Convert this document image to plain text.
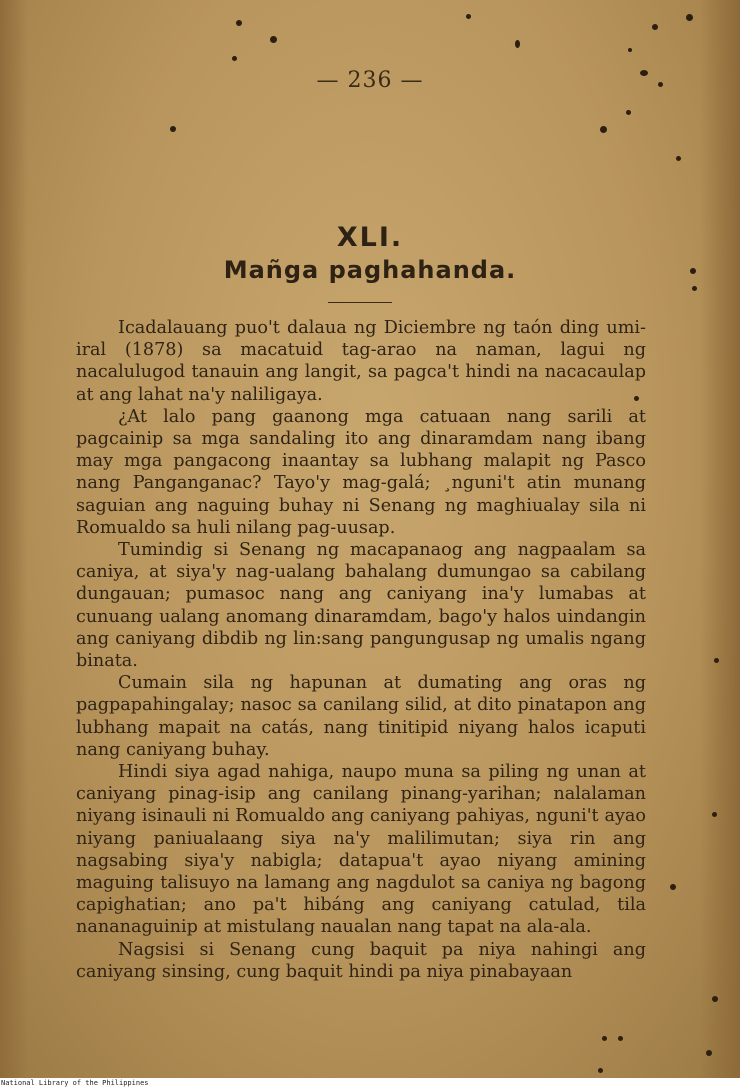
— 236 —
XLI.
Mañga paghahanda.

Icadalauang puo't dalaua ng Diciembre ng taón ding umi-iral (1878) sa macatuid tag-arao na naman, lagui ng nacalulugod tanauin ang langit, sa pagca't hindi na nacacaulap at ang lahat na'y naliligaya.

¿At lalo pang gaanong mga catuaan nang sarili at pagcainip sa mga sandaling ito ang dinaramdam nang ibang may mga pangacong inaantay sa lubhang malapit ng Pasco nang Panganganac? Tayo'y mag-galá; ¸nguni't atin munang saguian ang naguing buhay ni Senang ng maghiualay sila ni Romualdo sa huli nilang pag-uusap.

Tumindig si Senang ng macapanaog ang nagpaalam sa caniya, at siya'y nag-ualang bahalang dumungao sa cabilang dungauan; pumasoc nang ang caniyang ina'y lumabas at cunuang ualang anomang dinaramdam, bago'y halos uindangin ang caniyang dibdib ng lin:sang pangungusap ng umalis ngang binata.

Cumain sila ng hapunan at dumating ang oras ng pagpapahingalay; nasoc sa canilang silid, at dito pinatapon ang lubhang mapait na catás, nang tinitipid niyang halos icaputi nang caniyang buhay.

Hindi siya agad nahiga, naupo muna sa piling ng unan at caniyang pinag-isip ang canilang pinang-yarihan; nalalaman niyang isinauli ni Romualdo ang caniyang pahiyas, nguni't ayao niyang paniualaang siya na'y malilimutan; siya rin ang nagsabing siya'y nabigla; datapua't ayao niyang amining maguing talisuyo na lamang ang nagdulot sa caniya ng bagong capighatian; ano pa't hibáng ang caniyang catulad, tila nananaguinip at mistulang naualan nang tapat na ala-ala.

Nagsisi si Senang cung baquit pa niya nahingi ang caniyang sinsing, cung baquit hindi pa niya pinabayaan

National Library of the Philippines
